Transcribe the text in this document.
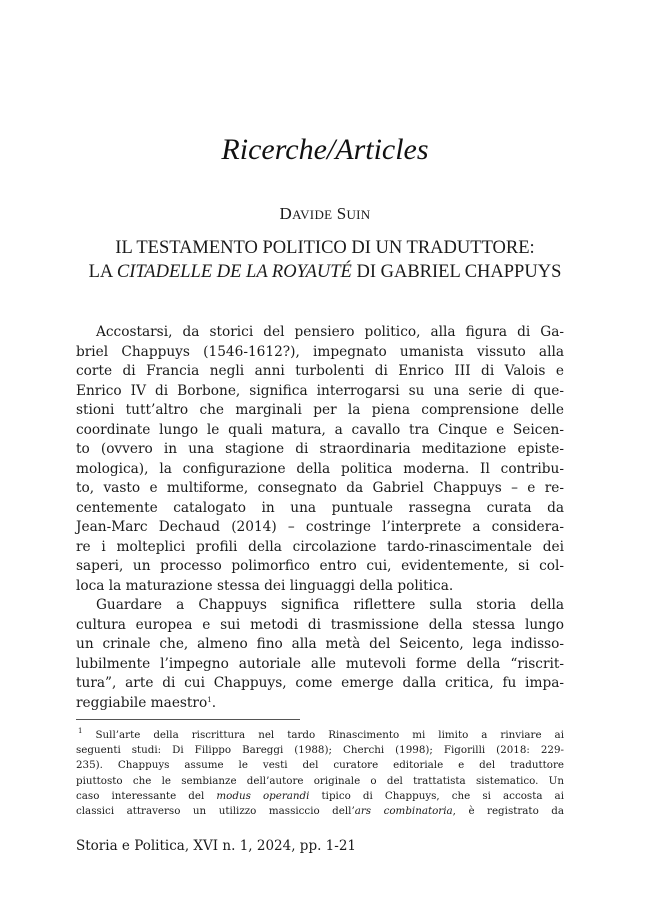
Ricerche/Articles
DAVIDE SUIN
IL TESTAMENTO POLITICO DI UN TRADUTTORE:
LA CITADELLE DE LA ROYAUTÉ DI GABRIEL CHAPPUYS
Accostarsi, da storici del pensiero politico, alla figura di Ga-
briel Chappuys (1546-1612?), impegnato umanista vissuto alla
corte di Francia negli anni turbolenti di Enrico III di Valois e
Enrico IV di Borbone, significa interrogarsi su una serie di que-
stioni tutt’altro che marginali per la piena comprensione delle
coordinate lungo le quali matura, a cavallo tra Cinque e Seicen-
to (ovvero in una stagione di straordinaria meditazione episte-
mologica), la configurazione della politica moderna. Il contribu-
to, vasto e multiforme, consegnato da Gabriel Chappuys – e re-
centemente catalogato in una puntuale rassegna curata da
Jean-Marc Dechaud (2014) – costringe l’interprete a considera-
re i molteplici profili della circolazione tardo-rinascimentale dei
saperi, un processo polimorfico entro cui, evidentemente, si col-
loca la maturazione stessa dei linguaggi della politica.
Guardare a Chappuys significa riflettere sulla storia della
cultura europea e sui metodi di trasmissione della stessa lungo
un crinale che, almeno fino alla metà del Seicento, lega indisso-
lubilmente l’impegno autoriale alle mutevoli forme della “riscrit-
tura”, arte di cui Chappuys, come emerge dalla critica, fu impa-
reggiabile maestro$^1$.
$^1$ Sull’arte della riscrittura nel tardo Rinascimento mi limito a rinviare ai
seguenti studi: Di Filippo Bareggi (1988); Cherchi (1998); Figorilli (2018: 229-
235). Chappuys assume le vesti del curatore editoriale e del traduttore
piuttosto che le sembianze dell’autore originale o del trattatista sistematico. Un
caso interessante del modus operandi tipico di Chappuys, che si accosta ai
classici attraverso un utilizzo massiccio dell’ars combinatoria, è registrato da
Storia e Politica, XVI n. 1, 2024, pp. 1-21
